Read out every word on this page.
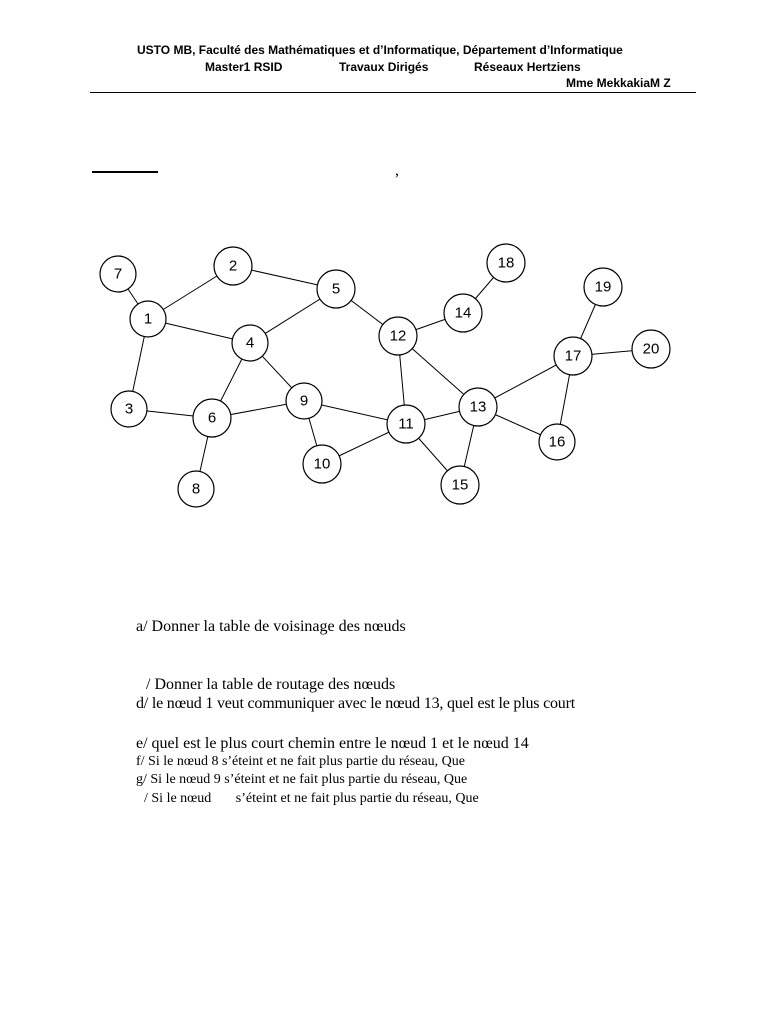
USTO MB, Faculté des Mathématiques et d’Informatique, Département d’Informatique
Master1 RSID	Travaux Dirigés	Réseaux Hertziens
Mme MekkakiaM Z
,
7	2
5
18
19
1
4	12
14
17	20
3
6
9
11
13
16
10
15
8
a/ Donner la table de voisinage des nœuds
/ Donner la table de routage des nœuds
d/ le nœud 1 veut communiquer avec le nœud 13, quel est le plus court
e/ quel est le plus court chemin entre le nœud 1 et le nœud 14
f/ Si le nœud 8 s’éteint et ne fait plus partie du réseau, Que
g/ Si le nœud 9 s’éteint et ne fait plus partie du réseau, Que
/ Si le nœud       s’éteint et ne fait plus partie du réseau, Que
